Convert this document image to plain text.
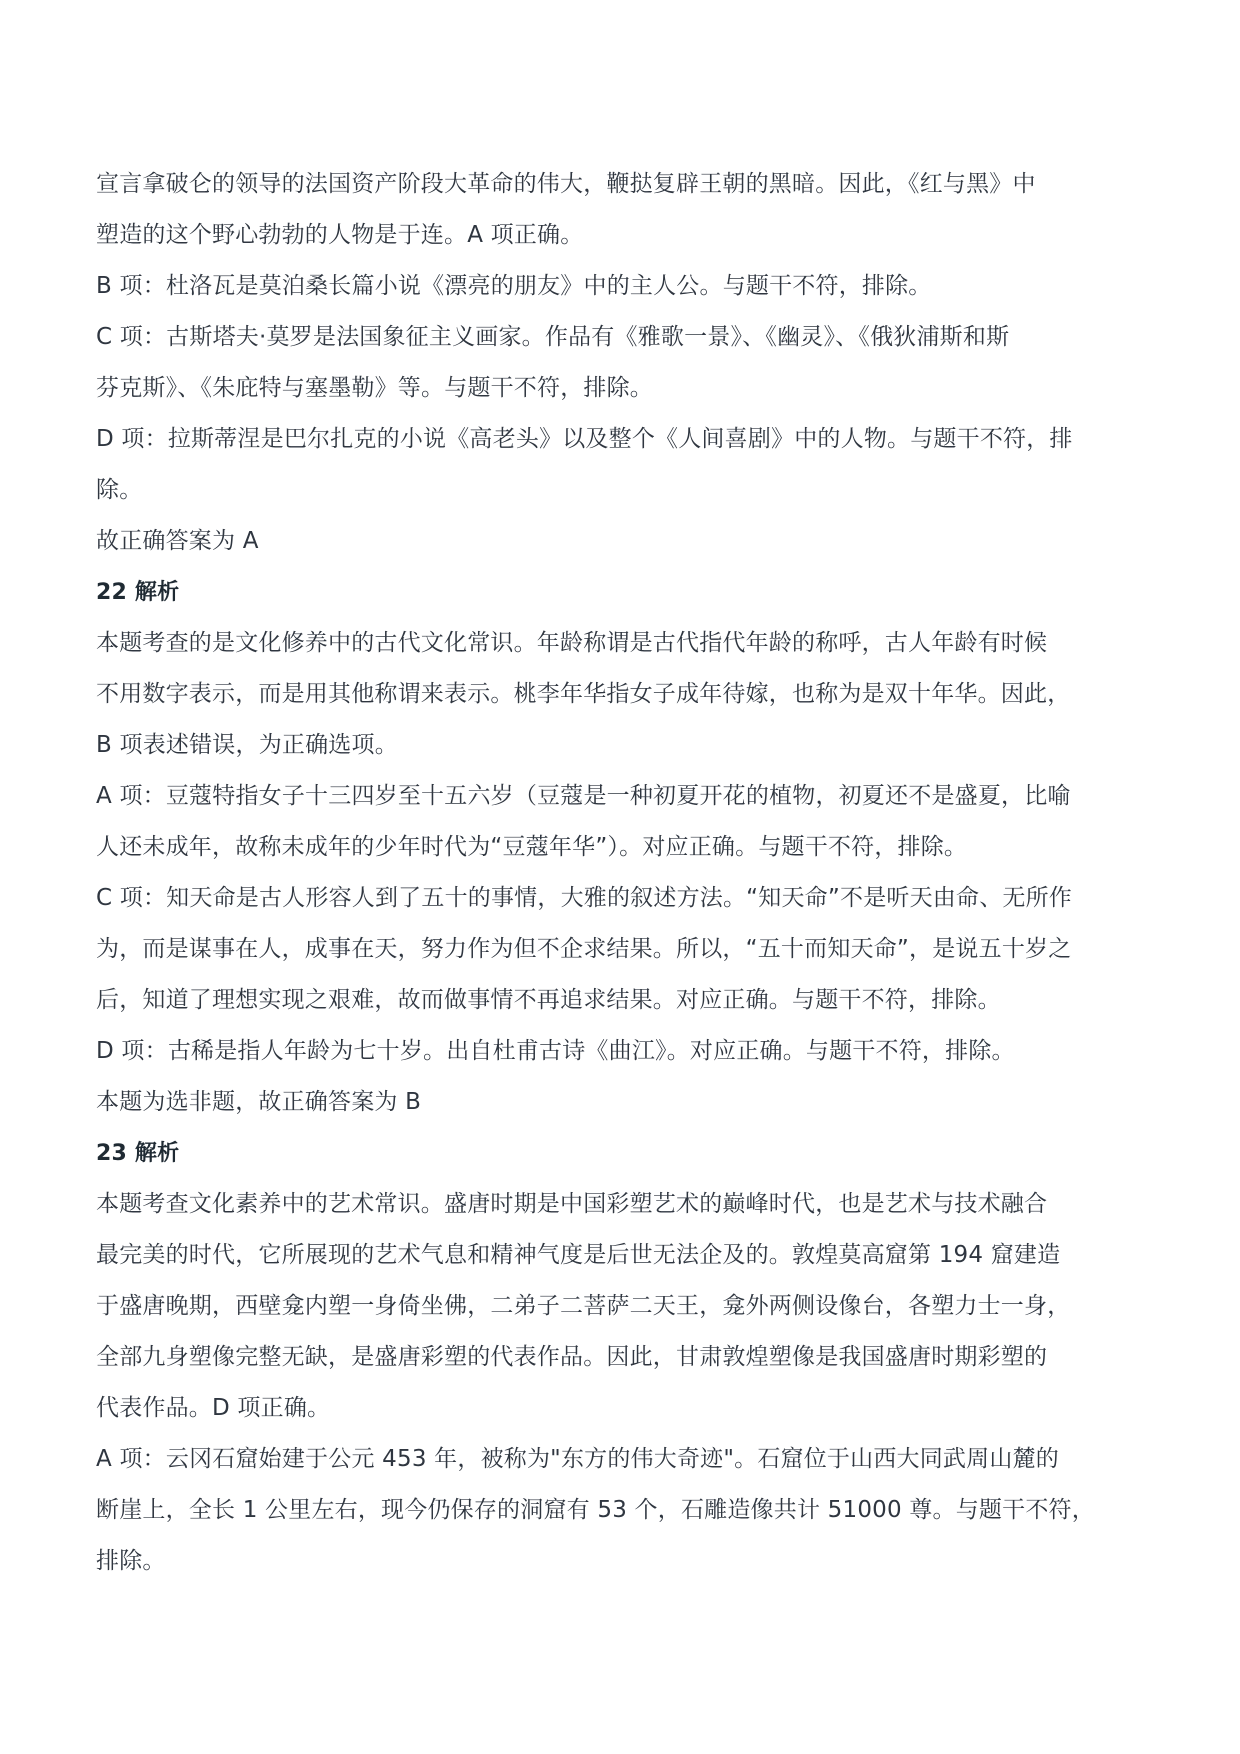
宣言拿破仑的领导的法国资产阶段大革命的伟大，鞭挞复辟王朝的黑暗。因此，《红与黑》中
塑造的这个野心勃勃的人物是于连。A 项正确。
B 项：杜洛瓦是莫泊桑长篇小说《漂亮的朋友》中的主人公。与题干不符，排除。
C 项：古斯塔夫·莫罗是法国象征主义画家。作品有《雅歌一景》、《幽灵》、《俄狄浦斯和斯
芬克斯》、《朱庇特与塞墨勒》等。与题干不符，排除。
D 项：拉斯蒂涅是巴尔扎克的小说《高老头》以及整个《人间喜剧》中的人物。与题干不符，排
除。
故正确答案为 A
22 解析
本题考查的是文化修养中的古代文化常识。年龄称谓是古代指代年龄的称呼，古人年龄有时候
不用数字表示，而是用其他称谓来表示。桃李年华指女子成年待嫁，也称为是双十年华。因此，
B 项表述错误，为正确选项。
A 项：豆蔻特指女子十三四岁至十五六岁（豆蔻是一种初夏开花的植物，初夏还不是盛夏，比喻
人还未成年，故称未成年的少年时代为“豆蔻年华”）。对应正确。与题干不符，排除。
C 项：知天命是古人形容人到了五十的事情，大雅的叙述方法。“知天命”不是听天由命、无所作
为，而是谋事在人，成事在天，努力作为但不企求结果。所以，“五十而知天命”，是说五十岁之
后，知道了理想实现之艰难，故而做事情不再追求结果。对应正确。与题干不符，排除。
D 项：古稀是指人年龄为七十岁。出自杜甫古诗《曲江》。对应正确。与题干不符，排除。
本题为选非题，故正确答案为 B
23 解析
本题考查文化素养中的艺术常识。盛唐时期是中国彩塑艺术的巅峰时代，也是艺术与技术融合
最完美的时代，它所展现的艺术气息和精神气度是后世无法企及的。敦煌莫高窟第 194 窟建造
于盛唐晚期，西壁龛内塑一身倚坐佛，二弟子二菩萨二天王，龛外两侧设像台，各塑力士一身，
全部九身塑像完整无缺，是盛唐彩塑的代表作品。因此，甘肃敦煌塑像是我国盛唐时期彩塑的
代表作品。D 项正确。
A 项：云冈石窟始建于公元 453 年，被称为"东方的伟大奇迹"。石窟位于山西大同武周山麓的
断崖上，全长 1 公里左右，现今仍保存的洞窟有 53 个，石雕造像共计 51000 尊。与题干不符，
排除。
